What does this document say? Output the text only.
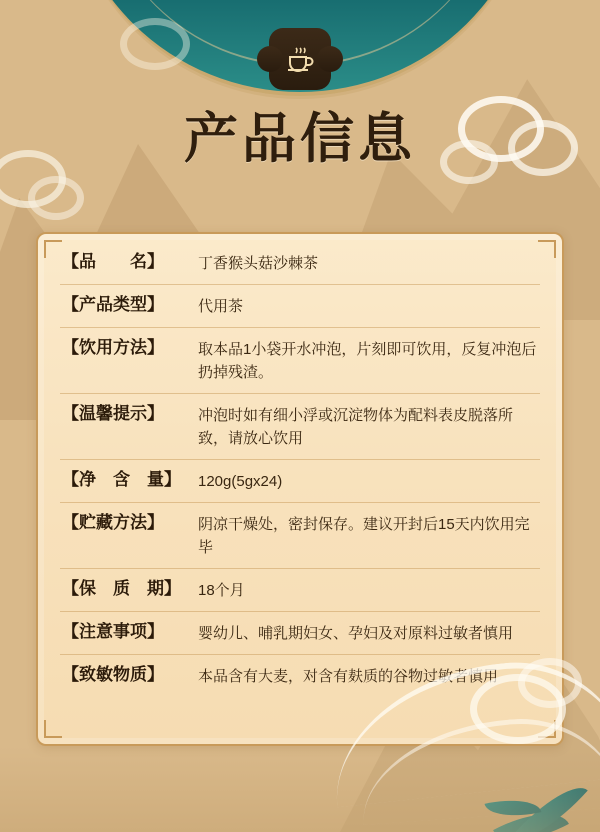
产品信息
【品　　名】	丁香猴头菇沙棘茶
【产品类型】	代用茶
【饮用方法】	取本品1小袋开水冲泡，片刻即可饮用，反复冲泡后扔掉残渣。
【温馨提示】	冲泡时如有细小浮或沉淀物体为配料表皮脱落所致，请放心饮用
【净　含　量】	120g(5gx24)
【贮藏方法】	阴凉干燥处，密封保存。建议开封后15天内饮用完毕
【保　质　期】	18个月
【注意事项】	婴幼儿、哺乳期妇女、孕妇及对原料过敏者慎用
【致敏物质】	本品含有大麦，对含有麸质的谷物过敏者慎用
